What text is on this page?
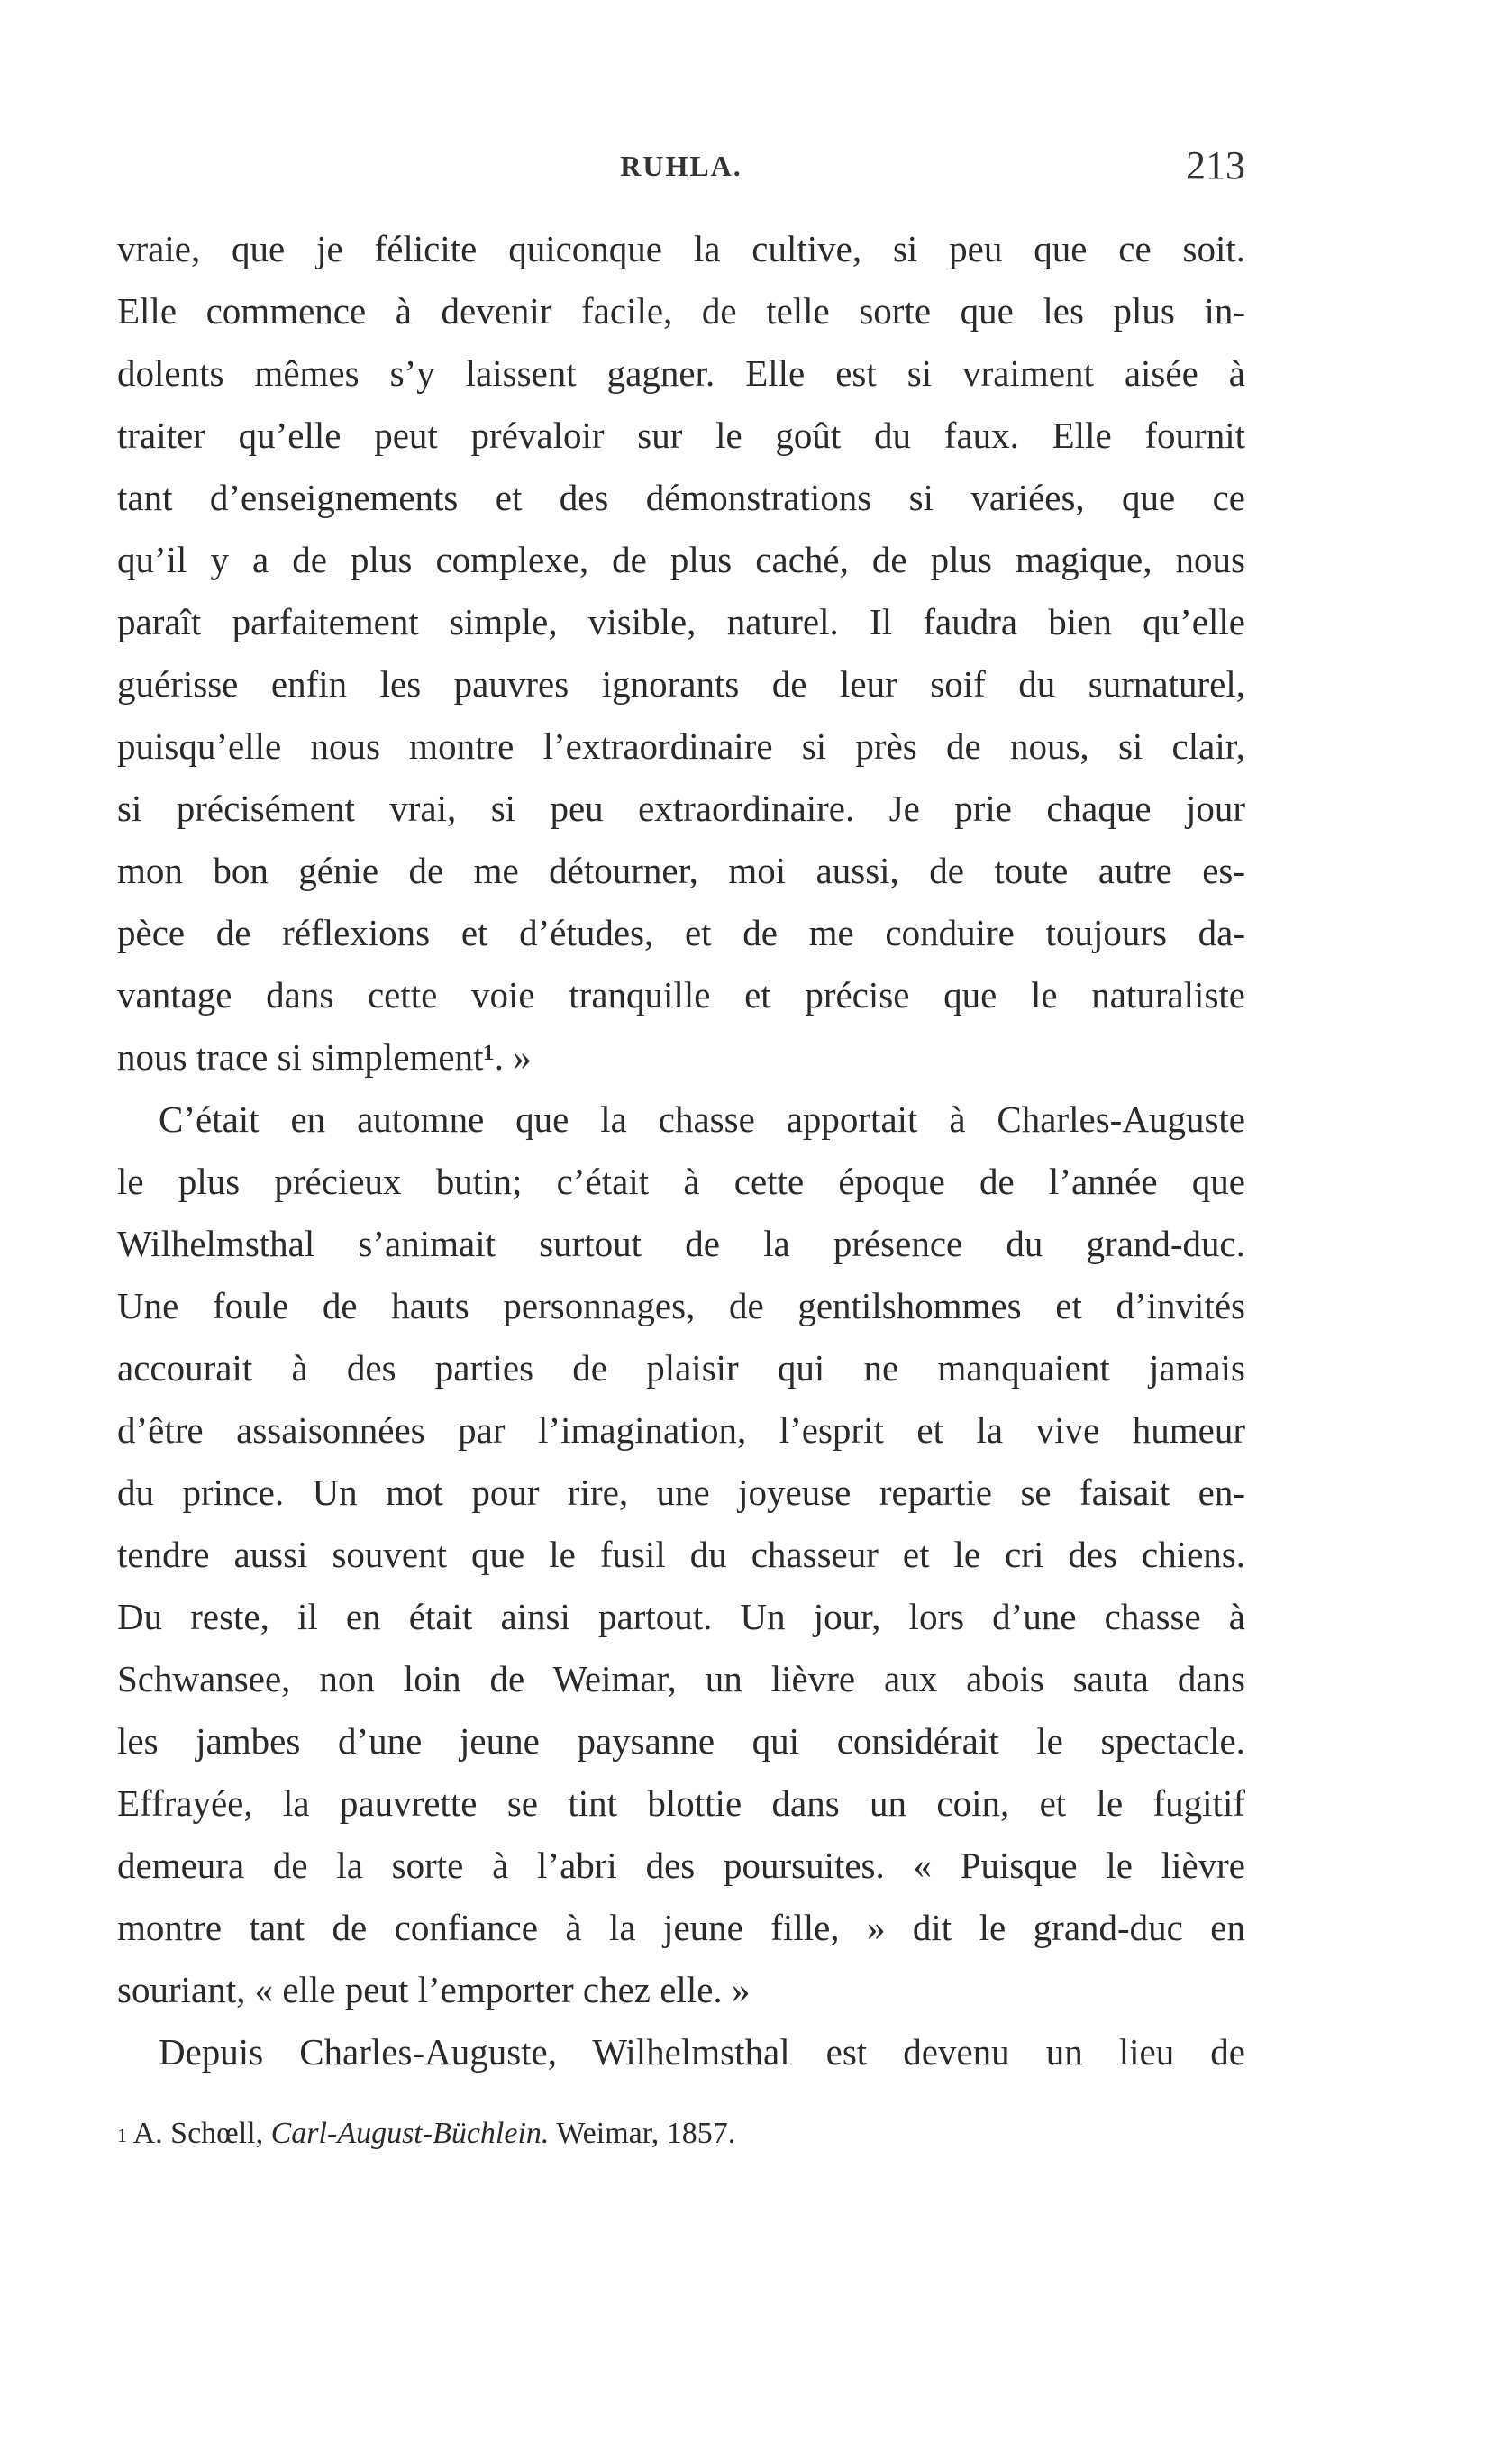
RUHLA.	213
vraie, que je félicite quiconque la cultive, si peu que ce soit.
Elle commence à devenir facile, de telle sorte que les plus in-
dolents mêmes s’y laissent gagner. Elle est si vraiment aisée à
traiter qu’elle peut prévaloir sur le goût du faux. Elle fournit
tant d’enseignements et des démonstrations si variées, que ce
qu’il y a de plus complexe, de plus caché, de plus magique, nous
paraît parfaitement simple, visible, naturel. Il faudra bien qu’elle
guérisse enfin les pauvres ignorants de leur soif du surnaturel,
puisqu’elle nous montre l’extraordinaire si près de nous, si clair,
si précisément vrai, si peu extraordinaire. Je prie chaque jour
mon bon génie de me détourner, moi aussi, de toute autre es-
pèce de réflexions et d’études, et de me conduire toujours da-
vantage dans cette voie tranquille et précise que le naturaliste
nous trace si simplement¹. »
C’était en automne que la chasse apportait à Charles-Auguste
le plus précieux butin; c’était à cette époque de l’année que
Wilhelmsthal s’animait surtout de la présence du grand-duc.
Une foule de hauts personnages, de gentilshommes et d’invités
accourait à des parties de plaisir qui ne manquaient jamais
d’être assaisonnées par l’imagination, l’esprit et la vive humeur
du prince. Un mot pour rire, une joyeuse repartie se faisait en-
tendre aussi souvent que le fusil du chasseur et le cri des chiens.
Du reste, il en était ainsi partout. Un jour, lors d’une chasse à
Schwansee, non loin de Weimar, un lièvre aux abois sauta dans
les jambes d’une jeune paysanne qui considérait le spectacle.
Effrayée, la pauvrette se tint blottie dans un coin, et le fugitif
demeura de la sorte à l’abri des poursuites. « Puisque le lièvre
montre tant de confiance à la jeune fille, » dit le grand-duc en
souriant, « elle peut l’emporter chez elle. »
Depuis Charles-Auguste, Wilhelmsthal est devenu un lieu de
$^1$ A. Schœll, Carl-August-Büchlein. Weimar, 1857.
